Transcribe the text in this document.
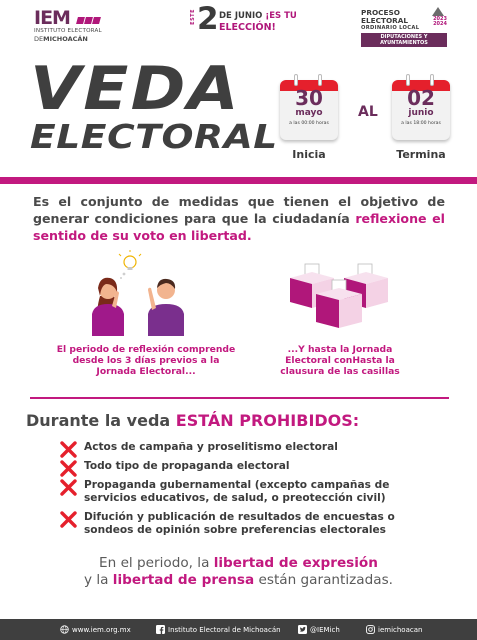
IEM
INSTITUTO ELECTORAL
DEMICHOACÁN
ESTE 2 DE JUNIO ¡ES TU
ELECCIÓN!
PROCESO
ELECTORAL	2023 2024
ORDINARIO LOCAL
DIPUTACIONES Y
AYUNTAMIENTOS
VEDA
ELECTORAL
30
mayo
a las 00:00 horas
Inicia
AL
02
junio
a las 18:00 horas
Termina
Es el conjunto de medidas que tienen el objetivo de generar condiciones para que la ciudadanía reflexione el sentido de su voto en libertad.
El periodo de reflexión comprende desde los 3 días previos a la Jornada Electoral...
...Y hasta la Jornada Electoral conHasta la clausura de las casillas
Durante la veda ESTÁN PROHIBIDOS:
Actos de campaña y proselitismo electoral
Todo tipo de propaganda electoral
Propaganda gubernamental (excepto campañas de servicios educativos, de salud, o preotección civil)
Difución y publicación de resultados de encuestas o sondeos de opinión sobre preferencias electorales
En el periodo, la libertad de expresión
y la libertad de prensa están garantizadas.
www.iem.org.mx	Instituto Electoral de Michoacán	@IEMich	iemichoacan
